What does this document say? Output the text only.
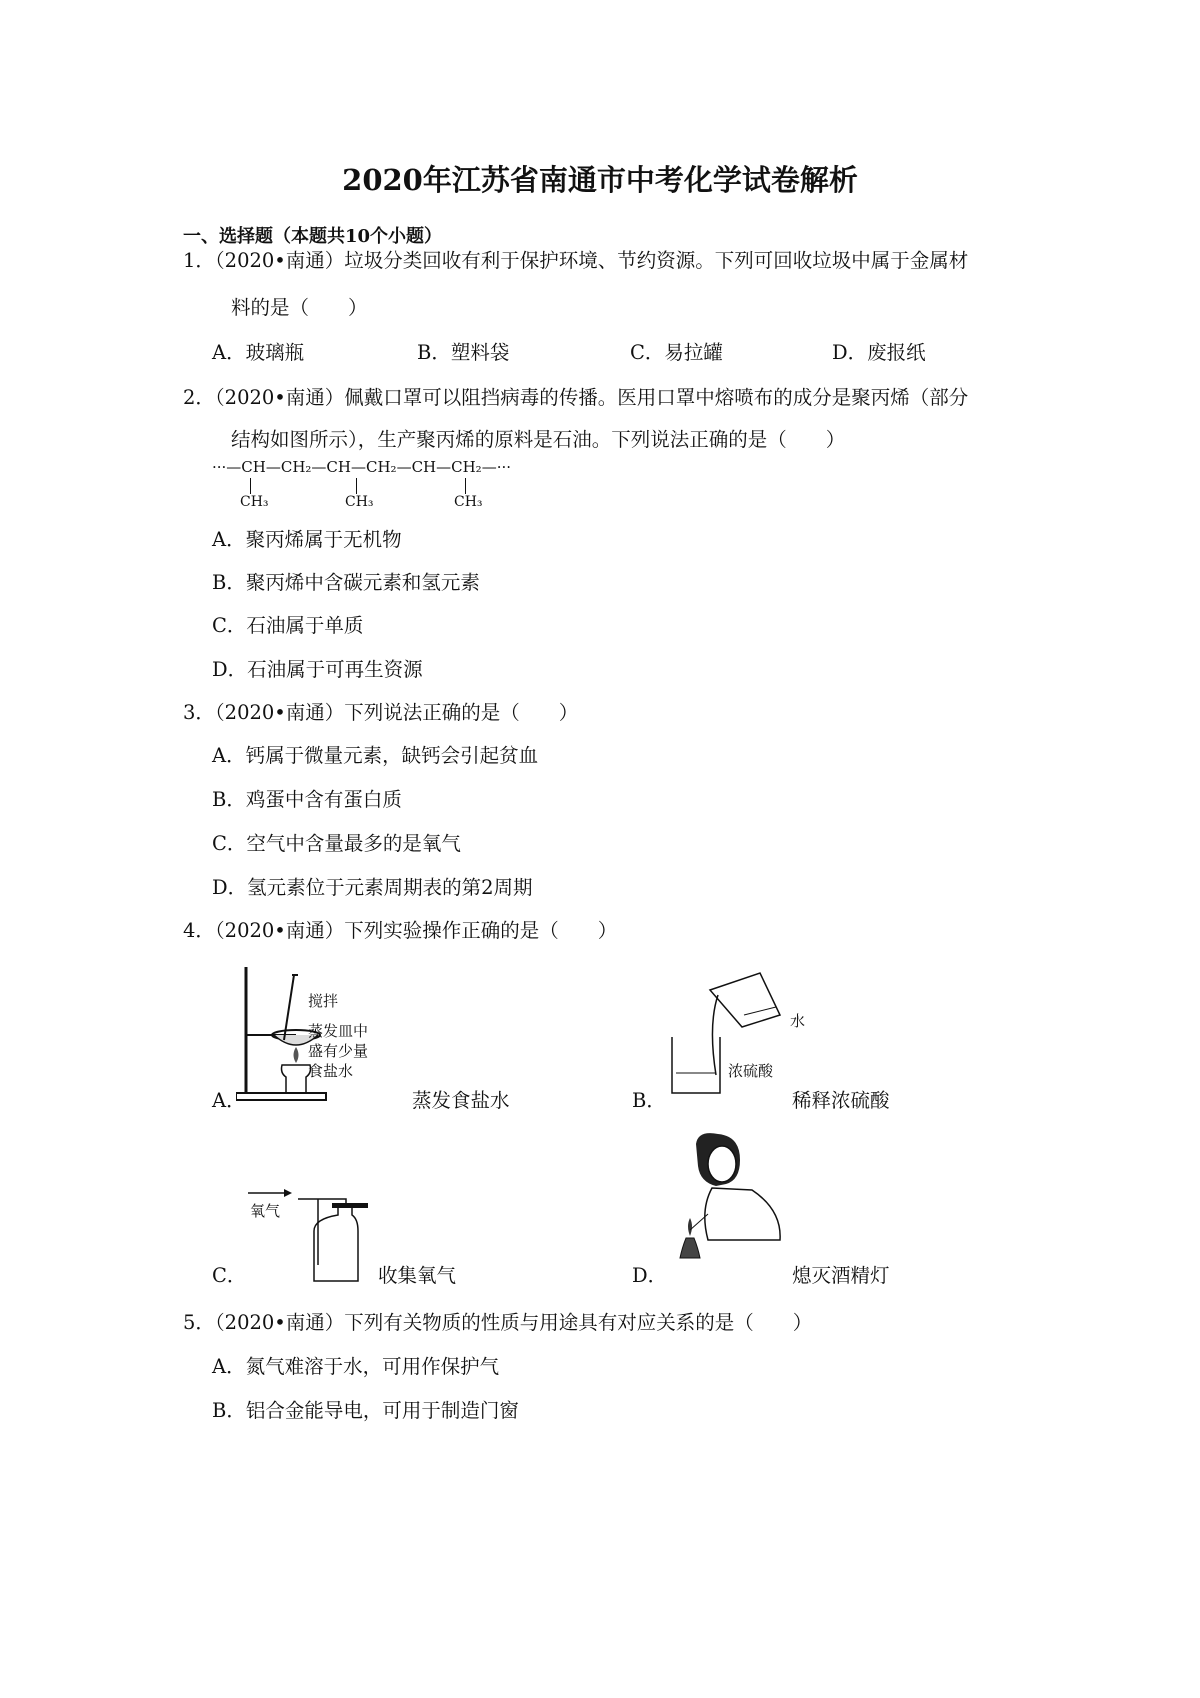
2020年江苏省南通市中考化学试卷解析
一、选择题（本题共10个小题）
1．（2020•南通）垃圾分类回收有利于保护环境、节约资源。下列可回收垃圾中属于金属材
料的是（　　）
A．玻璃瓶	B．塑料袋	C．易拉罐	D．废报纸
2．（2020•南通）佩戴口罩可以阻挡病毒的传播。医用口罩中熔喷布的成分是聚丙烯（部分
结构如图所示），生产聚丙烯的原料是石油。下列说法正确的是（　　）
···—CH—CH₂—CH—CH₂—CH—CH₂—···
CH₃	CH₃	CH₃
A．聚丙烯属于无机物
B．聚丙烯中含碳元素和氢元素
C．石油属于单质
D．石油属于可再生资源
3．（2020•南通）下列说法正确的是（　　）
A．钙属于微量元素，缺钙会引起贫血
B．鸡蛋中含有蛋白质
C．空气中含量最多的是氧气
D．氢元素位于元素周期表的第2周期
4．（2020•南通）下列实验操作正确的是（　　）
A．
搅拌
蒸发皿中
盛有少量
食盐水
蒸发食盐水	B．
水
浓硫酸
稀释浓硫酸
C．
氧气
收集氧气	D．	熄灭酒精灯
5．（2020•南通）下列有关物质的性质与用途具有对应关系的是（　　）
A．氮气难溶于水，可用作保护气
B．铝合金能导电，可用于制造门窗
